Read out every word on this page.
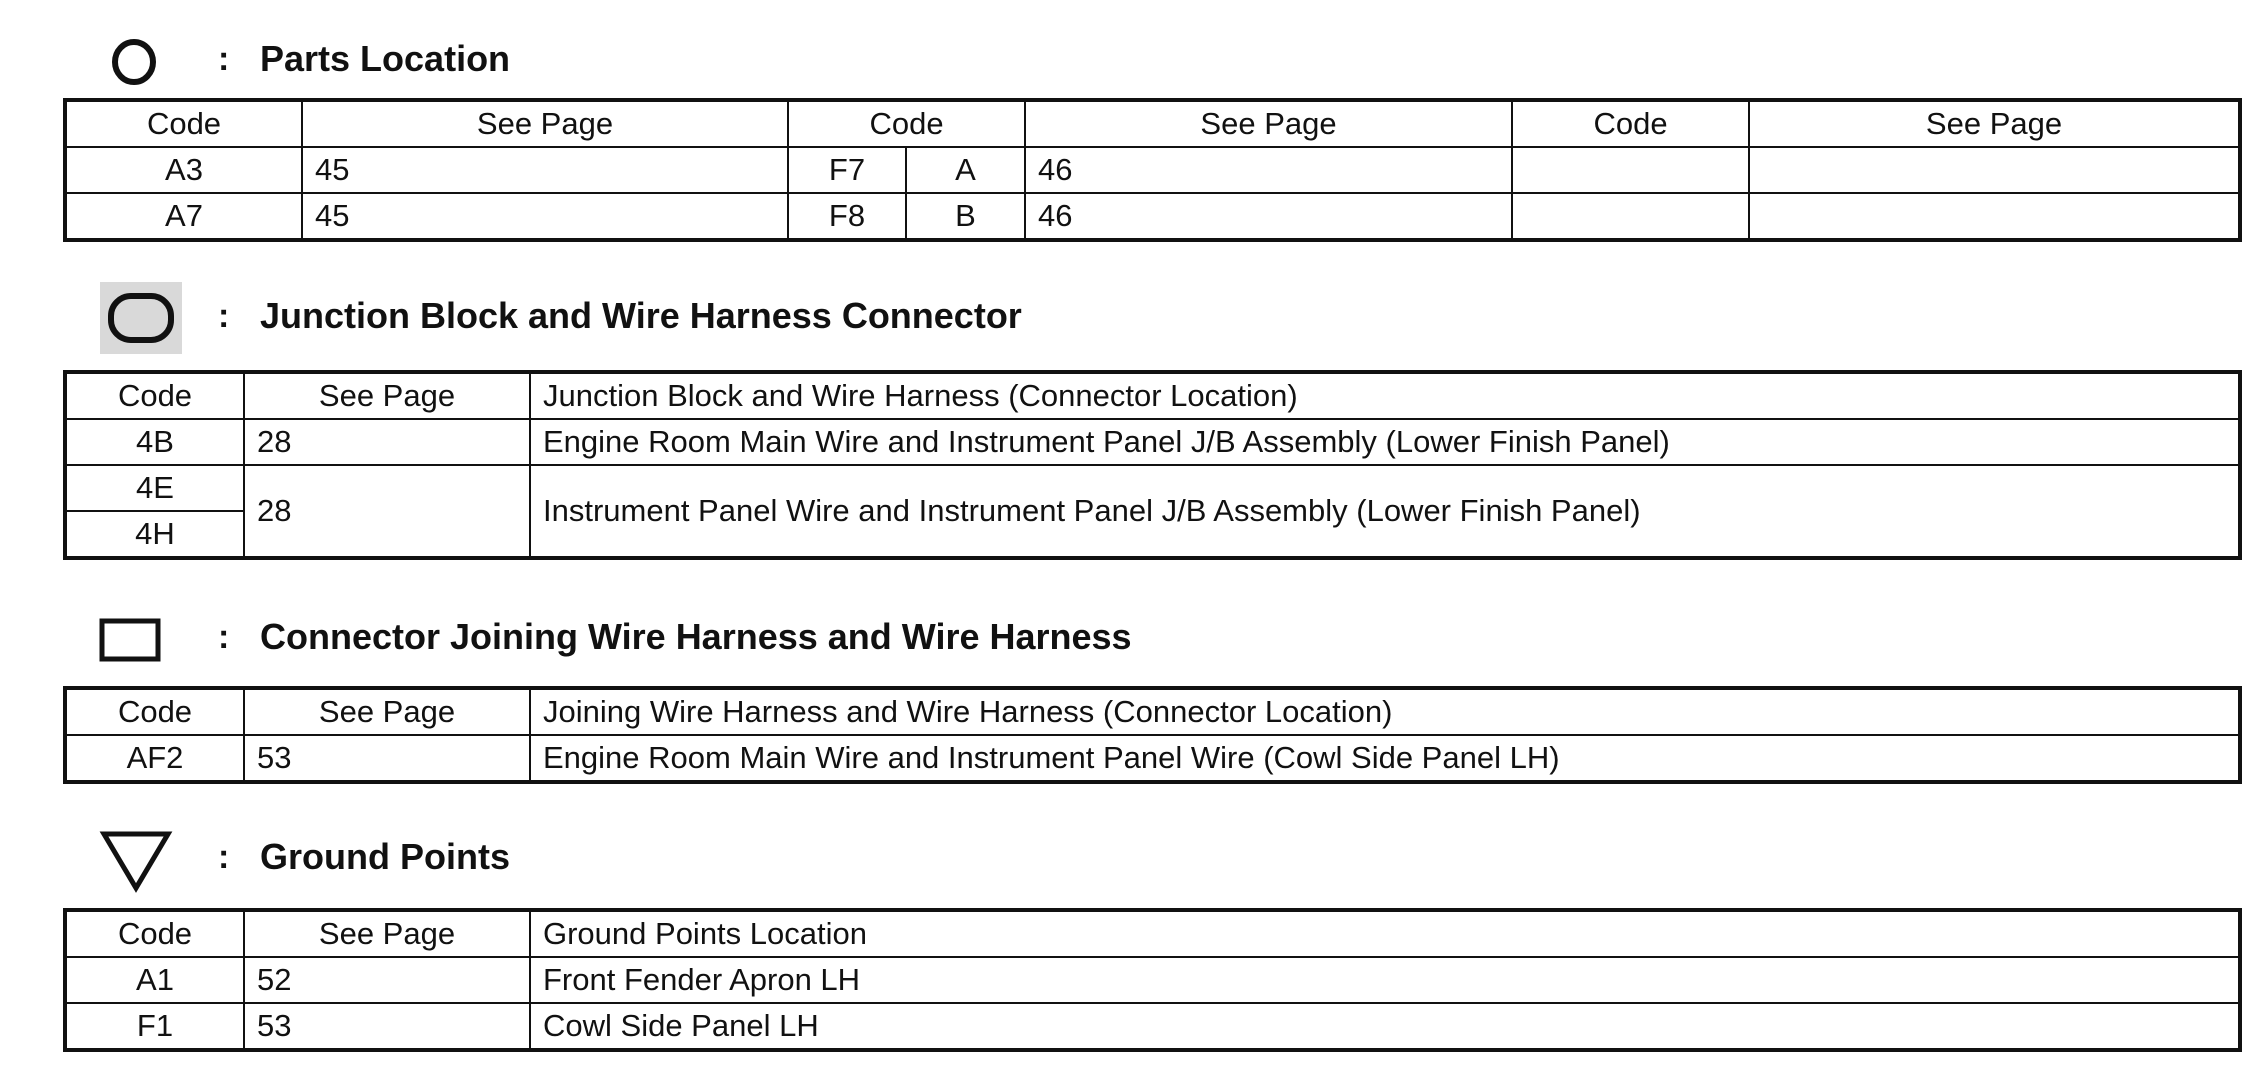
: Parts Location
Code	See Page	Code		See Page	Code	See Page
A3	45	F7	A	46		
A7	45	F8	B	46		
: Junction Block and Wire Harness Connector
Code	See Page	Junction Block and Wire Harness (Connector Location)
4B	28	Engine Room Main Wire and Instrument Panel J/B Assembly (Lower Finish Panel)
4E	28	Instrument Panel Wire and Instrument Panel J/B Assembly (Lower Finish Panel)
4H		
: Connector Joining Wire Harness and Wire Harness
Code	See Page	Joining Wire Harness and Wire Harness (Connector Location)
AF2	53	Engine Room Main Wire and Instrument Panel Wire (Cowl Side Panel LH)
: Ground Points
Code	See Page	Ground Points Location
A1	52	Front Fender Apron LH
F1	53	Cowl Side Panel LH
